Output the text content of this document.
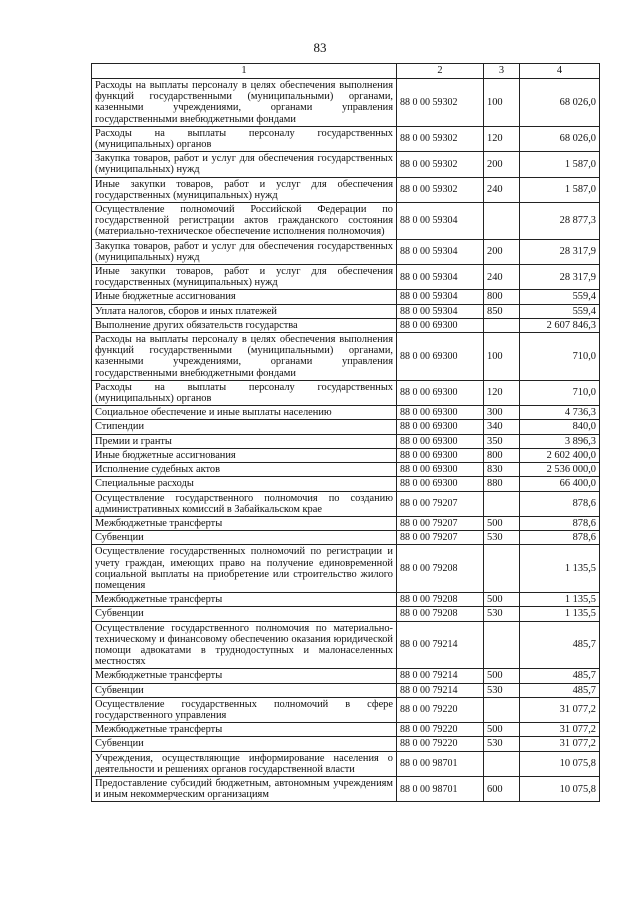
83
1	2	3	4
Расходы на выплаты персоналу в целях обеспечения выполнения функций государственными (муниципальными) органами, казенными учреждениями, органами управления государственными внебюджетными фондами	88 0 00 59302	100	68 026,0
Расходы на выплаты персоналу государственных (муниципальных) органов	88 0 00 59302	120	68 026,0
Закупка товаров, работ и услуг для обеспечения государственных (муниципальных) нужд	88 0 00 59302	200	1 587,0
Иные закупки товаров, работ и услуг для обеспечения государственных (муниципальных) нужд	88 0 00 59302	240	1 587,0
Осуществление полномочий Российской Федерации по государственной регистрации актов гражданского состояния (материально-техническое обеспечение исполнения полномочия)	88 0 00 59304		28 877,3
Закупка товаров, работ и услуг для обеспечения государственных (муниципальных) нужд	88 0 00 59304	200	28 317,9
Иные закупки товаров, работ и услуг для обеспечения государственных (муниципальных) нужд	88 0 00 59304	240	28 317,9
Иные бюджетные ассигнования	88 0 00 59304	800	559,4
Уплата налогов, сборов и иных платежей	88 0 00 59304	850	559,4
Выполнение других обязательств государства	88 0 00 69300		2 607 846,3
Расходы на выплаты персоналу в целях обеспечения выполнения функций государственными (муниципальными) органами, казенными учреждениями, органами управления государственными внебюджетными фондами	88 0 00 69300	100	710,0
Расходы на выплаты персоналу государственных (муниципальных) органов	88 0 00 69300	120	710,0
Социальное обеспечение и иные выплаты населению	88 0 00 69300	300	4 736,3
Стипендии	88 0 00 69300	340	840,0
Премии и гранты	88 0 00 69300	350	3 896,3
Иные бюджетные ассигнования	88 0 00 69300	800	2 602 400,0
Исполнение судебных актов	88 0 00 69300	830	2 536 000,0
Специальные расходы	88 0 00 69300	880	66 400,0
Осуществление государственного полномочия по созданию административных комиссий в Забайкальском крае	88 0 00 79207		878,6
Межбюджетные трансферты	88 0 00 79207	500	878,6
Субвенции	88 0 00 79207	530	878,6
Осуществление государственных полномочий по регистрации и учету граждан, имеющих право на получение единовременной социальной выплаты на приобретение или строительство жилого помещения	88 0 00 79208		1 135,5
Межбюджетные трансферты	88 0 00 79208	500	1 135,5
Субвенции	88 0 00 79208	530	1 135,5
Осуществление государственного полномочия по материально-техническому и финансовому обеспечению оказания юридической помощи адвокатами в труднодоступных и малонаселенных местностях	88 0 00 79214		485,7
Межбюджетные трансферты	88 0 00 79214	500	485,7
Субвенции	88 0 00 79214	530	485,7
Осуществление государственных полномочий в сфере государственного управления	88 0 00 79220		31 077,2
Межбюджетные трансферты	88 0 00 79220	500	31 077,2
Субвенции	88 0 00 79220	530	31 077,2
Учреждения, осуществляющие информирование населения о деятельности и решениях органов государственной власти	88 0 00 98701		10 075,8
Предоставление субсидий бюджетным, автономным учреждениям и иным некоммерческим организациям	88 0 00 98701	600	10 075,8
